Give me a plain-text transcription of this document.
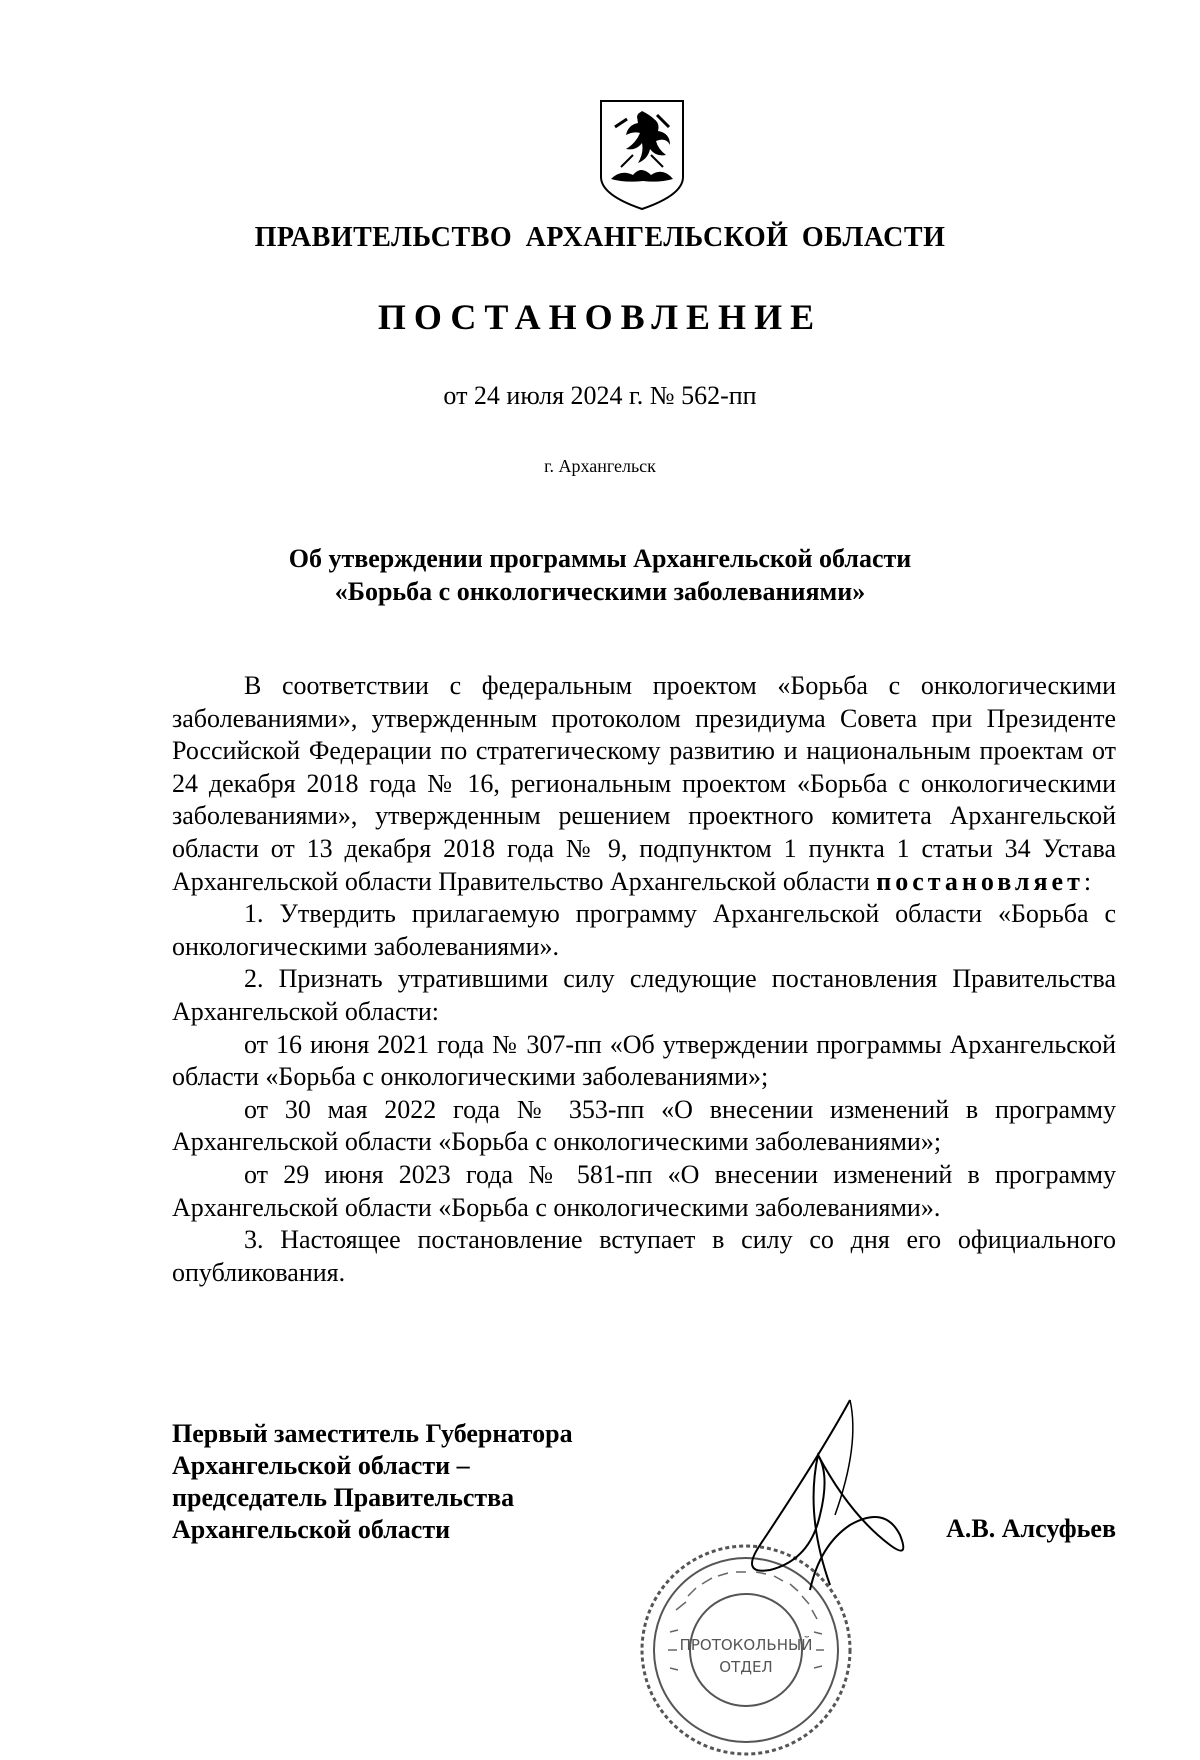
ПРАВИТЕЛЬСТВО АРХАНГЕЛЬСКОЙ ОБЛАСТИ
ПОСТАНОВЛЕНИЕ
от 24 июля 2024 г. № 562-пп
г. Архангельск
Об утверждении программы Архангельской области
«Борьба с онкологическими заболеваниями»

В соответствии с федеральным проектом «Борьба с онкологическими заболеваниями», утвержденным протоколом президиума Совета при Президенте Российской Федерации по стратегическому развитию и национальным проектам от 24 декабря 2018 года № 16, региональным проектом «Борьба с онкологическими заболеваниями», утвержденным решением проектного комитета Архангельской области от 13 декабря 2018 года № 9, подпунктом 1 пункта 1 статьи 34 Устава Архангельской области Правительство Архангельской области постановляет:

1. Утвердить прилагаемую программу Архангельской области «Борьба с онкологическими заболеваниями».

2. Признать утратившими силу следующие постановления Правительства Архангельской области:

от 16 июня 2021 года № 307-пп «Об утверждении программы Архангельской области «Борьба с онкологическими заболеваниями»;

от 30 мая 2022 года № 353-пп «О внесении изменений в программу Архангельской области «Борьба с онкологическими заболеваниями»;

от 29 июня 2023 года № 581-пп «О внесении изменений в программу Архангельской области «Борьба с онкологическими заболеваниями».

3. Настоящее постановление вступает в силу со дня его официального опубликования.

Первый заместитель Губернатора
Архангельской области –
председатель Правительства
Архангельской области	А.В. Алсуфьев
ПРОТОКОЛЬНЫЙ
ОТДЕЛ
